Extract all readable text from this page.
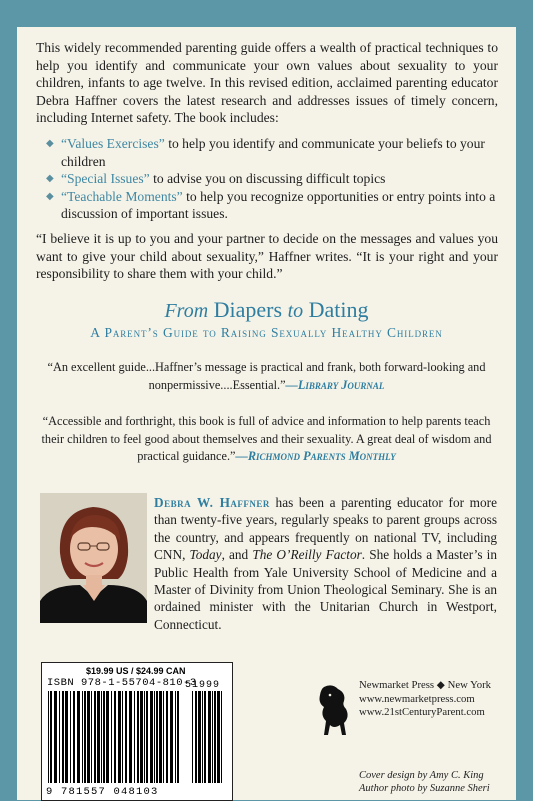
This widely recommended parenting guide offers a wealth of practical techniques to help you identify and communicate your own values about sexuality to your children, infants to age twelve. In this revised edition, acclaimed parenting educator Debra Haffner covers the latest research and addresses issues of timely concern, including Internet safety. The book includes:

◆ “Values Exercises” to help you identify and communicate your beliefs to your children
◆ “Special Issues” to advise you on discussing difficult topics
◆ “Teachable Moments” to help you recognize opportunities or entry points into a discussion of important issues.

“I believe it is up to you and your partner to decide on the messages and values you want to give your child about sexuality,” Haffner writes. “It is your right and your responsibility to share them with your child.”

From Diapers to Dating
A Parent’s Guide to Raising Sexually Healthy Children
“An excellent guide...Haffner’s message is practical and frank, both forward-looking and nonpermissive....Essential.”—Library Journal
“Accessible and forthright, this book is full of advice and information to help parents teach their children to feel good about themselves and their sexuality. A great deal of wisdom and practical guidance.”—Richmond Parents Monthly

Debra W. Haffner has been a parenting educator for more than twenty-five years, regularly speaks to parent groups across the country, and appears frequently on national TV, including CNN, Today, and The O’Reilly Factor. She holds a Master’s in Public Health from Yale University School of Medicine and a Master of Divinity from Union Theological Seminary. She is an ordained minister with the Unitarian Church in Westport, Connecticut.

$19.99 US / $24.99 CAN
ISBN 978-1-55704-810-3
51999
9 781557 048103
Newmarket Press ◆ New York
www.newmarketpress.com
www.21stCenturyParent.com
Cover design by Amy C. King
Author photo by Suzanne Sheri
